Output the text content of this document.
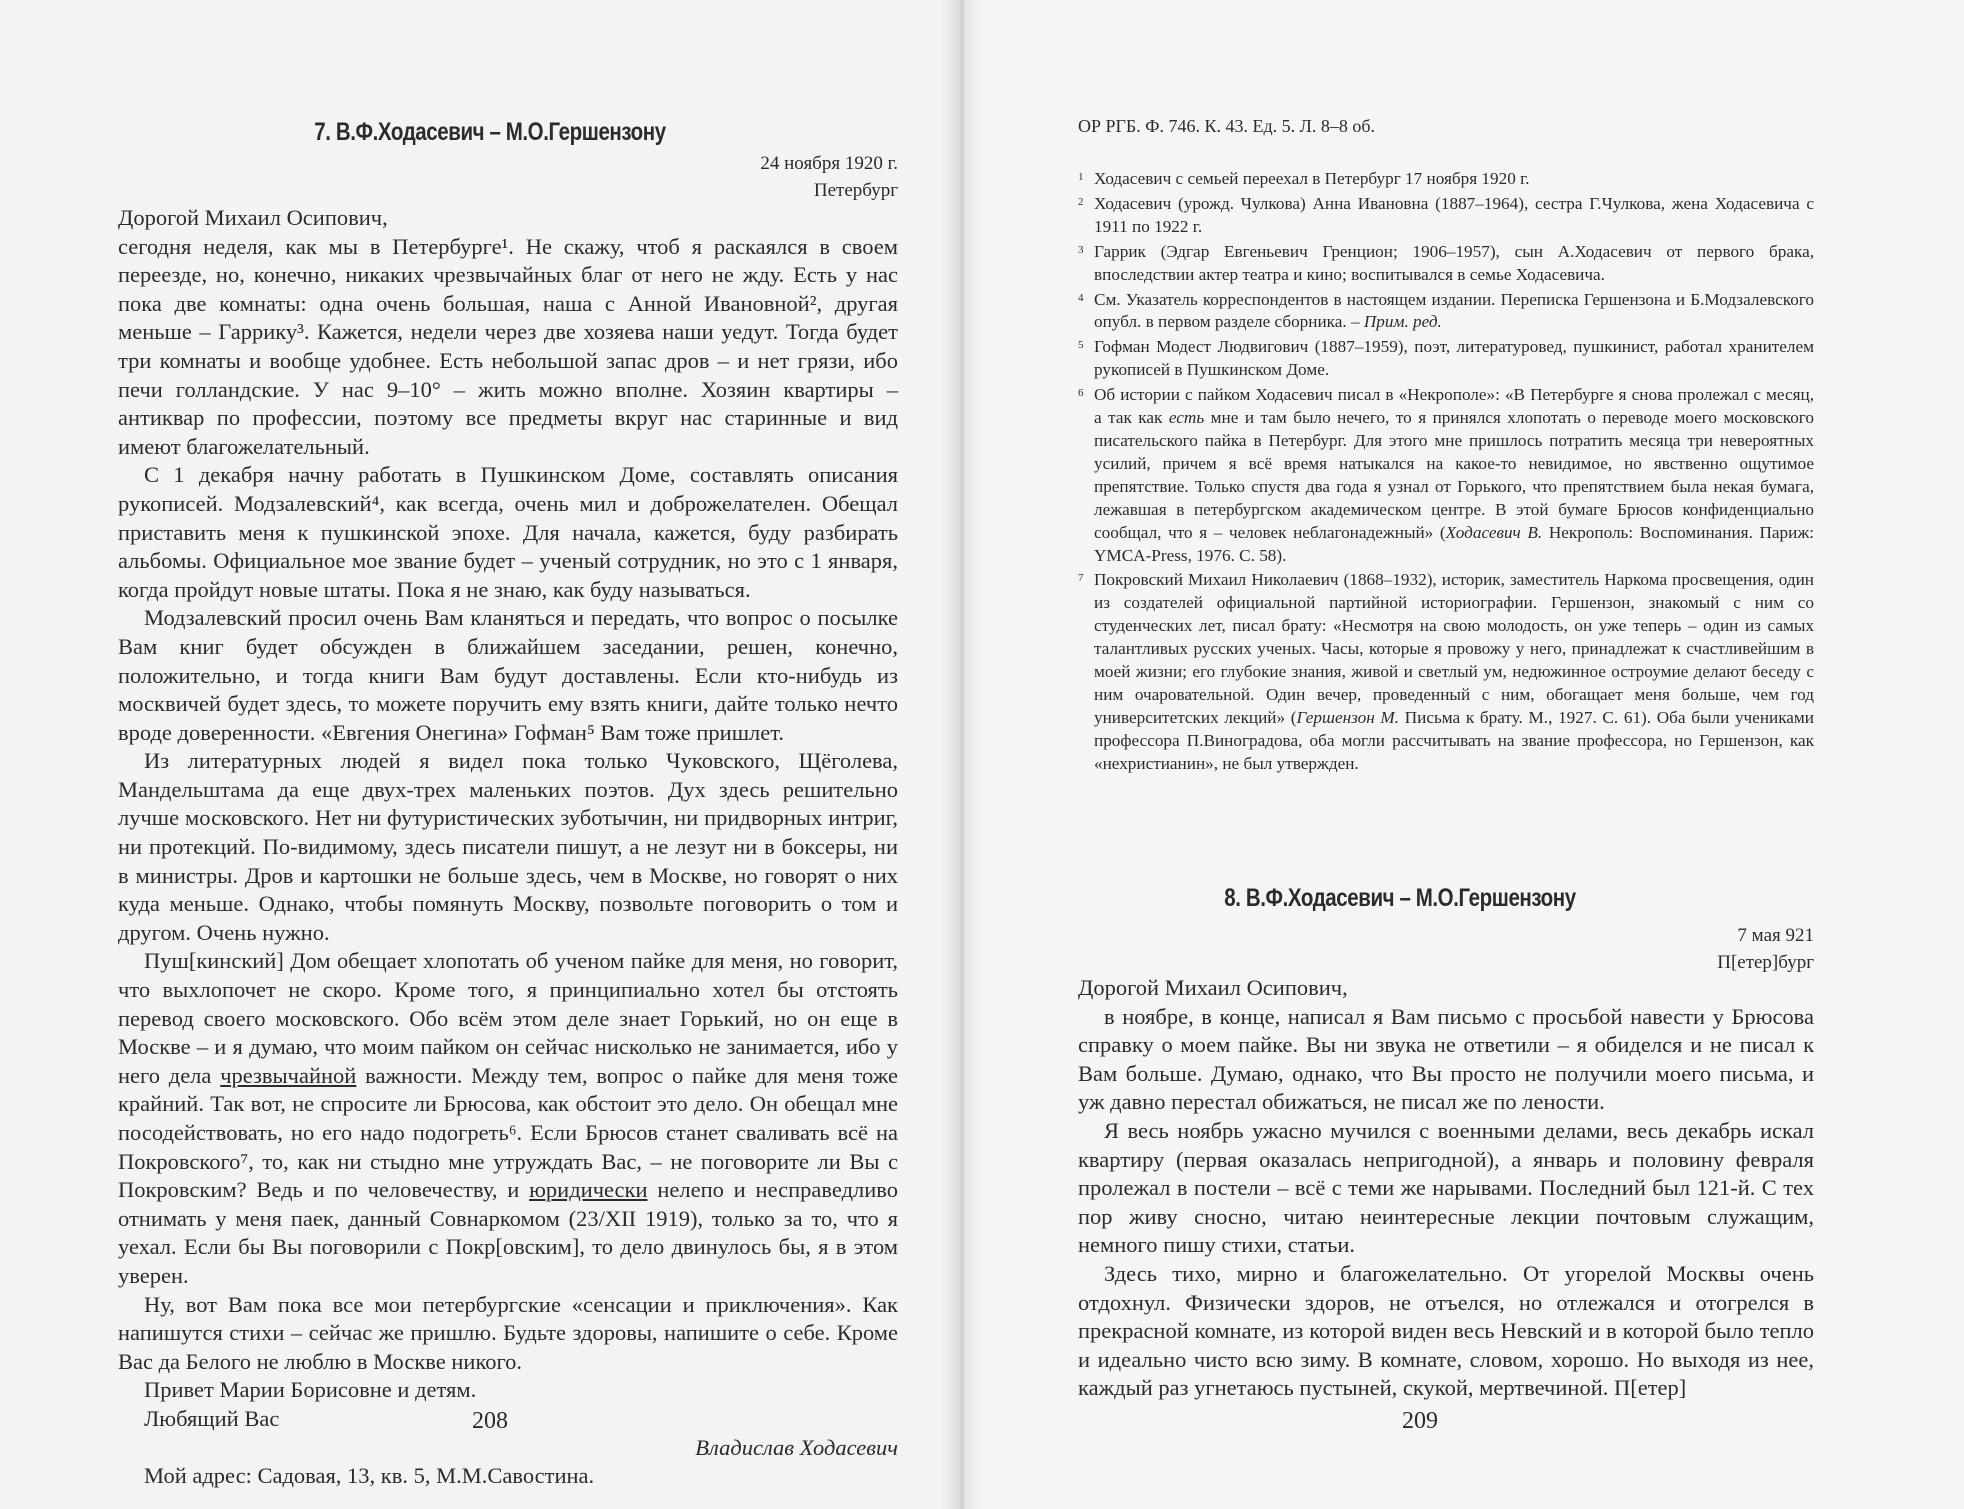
7. В.Ф.Ходасевич – М.О.Гершензону
24 ноября 1920 г.
Петербург

Дорогой Михаил Осипович,

сегодня неделя, как мы в Петербурге¹. Не скажу, чтоб я раскаялся в своем переезде, но, конечно, никаких чрезвычайных благ от него не жду. Есть у нас пока две комнаты: одна очень большая, наша с Анной Ивановной², другая меньше – Гаррику³. Кажется, недели через две хозяева наши уедут. Тогда будет три комнаты и вообще удобнее. Есть небольшой запас дров – и нет грязи, ибо печи голландские. У нас 9–10° – жить можно вполне. Хозяин квартиры – антиквар по профессии, поэтому все предметы вкруг нас старинные и вид имеют благожелательный.

С 1 декабря начну работать в Пушкинском Доме, составлять описания рукописей. Модзалевский⁴, как всегда, очень мил и доброжелателен. Обещал приставить меня к пушкинской эпохе. Для начала, кажется, буду разбирать альбомы. Официальное мое звание будет – ученый сотрудник, но это с 1 января, когда пройдут новые штаты. Пока я не знаю, как буду называться.

Модзалевский просил очень Вам кланяться и передать, что вопрос о посылке Вам книг будет обсужден в ближайшем заседании, решен, конечно, положительно, и тогда книги Вам будут доставлены. Если кто-нибудь из москвичей будет здесь, то можете поручить ему взять книги, дайте только нечто вроде доверенности. «Евгения Онегина» Гофман⁵ Вам тоже пришлет.

Из литературных людей я видел пока только Чуковского, Щёголева, Мандельштама да еще двух-трех маленьких поэтов. Дух здесь решительно лучше московского. Нет ни футуристических зуботычин, ни придворных интриг, ни протекций. По-видимому, здесь писатели пишут, а не лезут ни в боксеры, ни в министры. Дров и картошки не больше здесь, чем в Москве, но говорят о них куда меньше. Однако, чтобы помянуть Москву, позвольте поговорить о том и другом. Очень нужно.

Пуш[кинский] Дом обещает хлопотать об ученом пайке для меня, но говорит, что выхлопочет не скоро. Кроме того, я принципиально хотел бы отстоять перевод своего московского. Обо всём этом деле знает Горький, но он еще в Москве – и я думаю, что моим пайком он сейчас нисколько не занимается, ибо у него дела чрезвычайной важности. Между тем, вопрос о пайке для меня тоже крайний. Так вот, не спросите ли Брюсова, как обстоит это дело. Он обещал мне посодействовать, но его надо подогреть⁶. Если Брюсов станет сваливать всё на Покровского⁷, то, как ни стыдно мне утруждать Вас, – не поговорите ли Вы с Покровским? Ведь и по человечеству, и юридически нелепо и несправедливо отнимать у меня паек, данный Совнаркомом (23/XII 1919), только за то, что я уехал. Если бы Вы поговорили с Покр[овским], то дело двинулось бы, я в этом уверен.

Ну, вот Вам пока все мои петербургские «сенсации и приключения». Как напишутся стихи – сейчас же пришлю. Будьте здоровы, напишите о себе. Кроме Вас да Белого не люблю в Москве никого.

Привет Марии Борисовне и детям.

Любящий Вас

Владислав Ходасевич

Мой адрес: Садовая, 13, кв. 5, М.М.Савостина.

208
ОР РГБ. Ф. 746. К. 43. Ед. 5. Л. 8–8 об.
1 Ходасевич с семьей переехал в Петербург 17 ноября 1920 г.
2 Ходасевич (урожд. Чулкова) Анна Ивановна (1887–1964), сестра Г.Чулкова, жена Ходасевича с 1911 по 1922 г.
3 Гаррик (Эдгар Евгеньевич Гренцион; 1906–1957), сын А.Ходасевич от первого брака, впоследствии актер театра и кино; воспитывался в семье Ходасевича.
4 См. Указатель корреспондентов в настоящем издании. Переписка Гершензона и Б.Модзалевского опубл. в первом разделе сборника. – Прим. ред.
5 Гофман Модест Людвигович (1887–1959), поэт, литературовед, пушкинист, работал хранителем рукописей в Пушкинском Доме.
6 Об истории с пайком Ходасевич писал в «Некрополе»: «В Петербурге я снова пролежал с месяц, а так как есть мне и там было нечего, то я принялся хлопотать о переводе моего московского писательского пайка в Петербург. Для этого мне пришлось потратить месяца три невероятных усилий, причем я всё время натыкался на какое-то невидимое, но явственно ощутимое препятствие. Только спустя два года я узнал от Горького, что препятствием была некая бумага, лежавшая в петербургском академическом центре. В этой бумаге Брюсов конфиденциально сообщал, что я – человек неблагонадежный» (Ходасевич В. Некрополь: Воспоминания. Париж: YMCA-Press, 1976. С. 58).
7 Покровский Михаил Николаевич (1868–1932), историк, заместитель Наркома просвещения, один из создателей официальной партийной историографии. Гершензон, знакомый с ним со студенческих лет, писал брату: «Несмотря на свою молодость, он уже теперь – один из самых талантливых русских ученых. Часы, которые я провожу у него, принадлежат к счастливейшим в моей жизни; его глубокие знания, живой и светлый ум, недюжинное остроумие делают беседу с ним очаровательной. Один вечер, проведенный с ним, обогащает меня больше, чем год университетских лекций» (Гершензон М. Письма к брату. М., 1927. С. 61). Оба были учениками профессора П.Виноградова, оба могли рассчитывать на звание профессора, но Гершензон, как «нехристианин», не был утвержден.
8. В.Ф.Ходасевич – М.О.Гершензону
7 мая 921
П[етер]бург

Дорогой Михаил Осипович,

в ноябре, в конце, написал я Вам письмо с просьбой навести у Брюсова справку о моем пайке. Вы ни звука не ответили – я обиделся и не писал к Вам больше. Думаю, однако, что Вы просто не получили моего письма, и уж давно перестал обижаться, не писал же по лености.

Я весь ноябрь ужасно мучился с военными делами, весь декабрь искал квартиру (первая оказалась непригодной), а январь и половину февраля пролежал в постели – всё с теми же нарывами. Последний был 121-й. С тех пор живу сносно, читаю неинтересные лекции почтовым служащим, немного пишу стихи, статьи.

Здесь тихо, мирно и благожелательно. От угорелой Москвы очень отдохнул. Физически здоров, не отъелся, но отлежался и отогрелся в прекрасной комнате, из которой виден весь Невский и в которой было тепло и идеально чисто всю зиму. В комнате, словом, хорошо. Но выходя из нее, каждый раз угнетаюсь пустыней, скукой, мертвечиной. П[етер]

209
